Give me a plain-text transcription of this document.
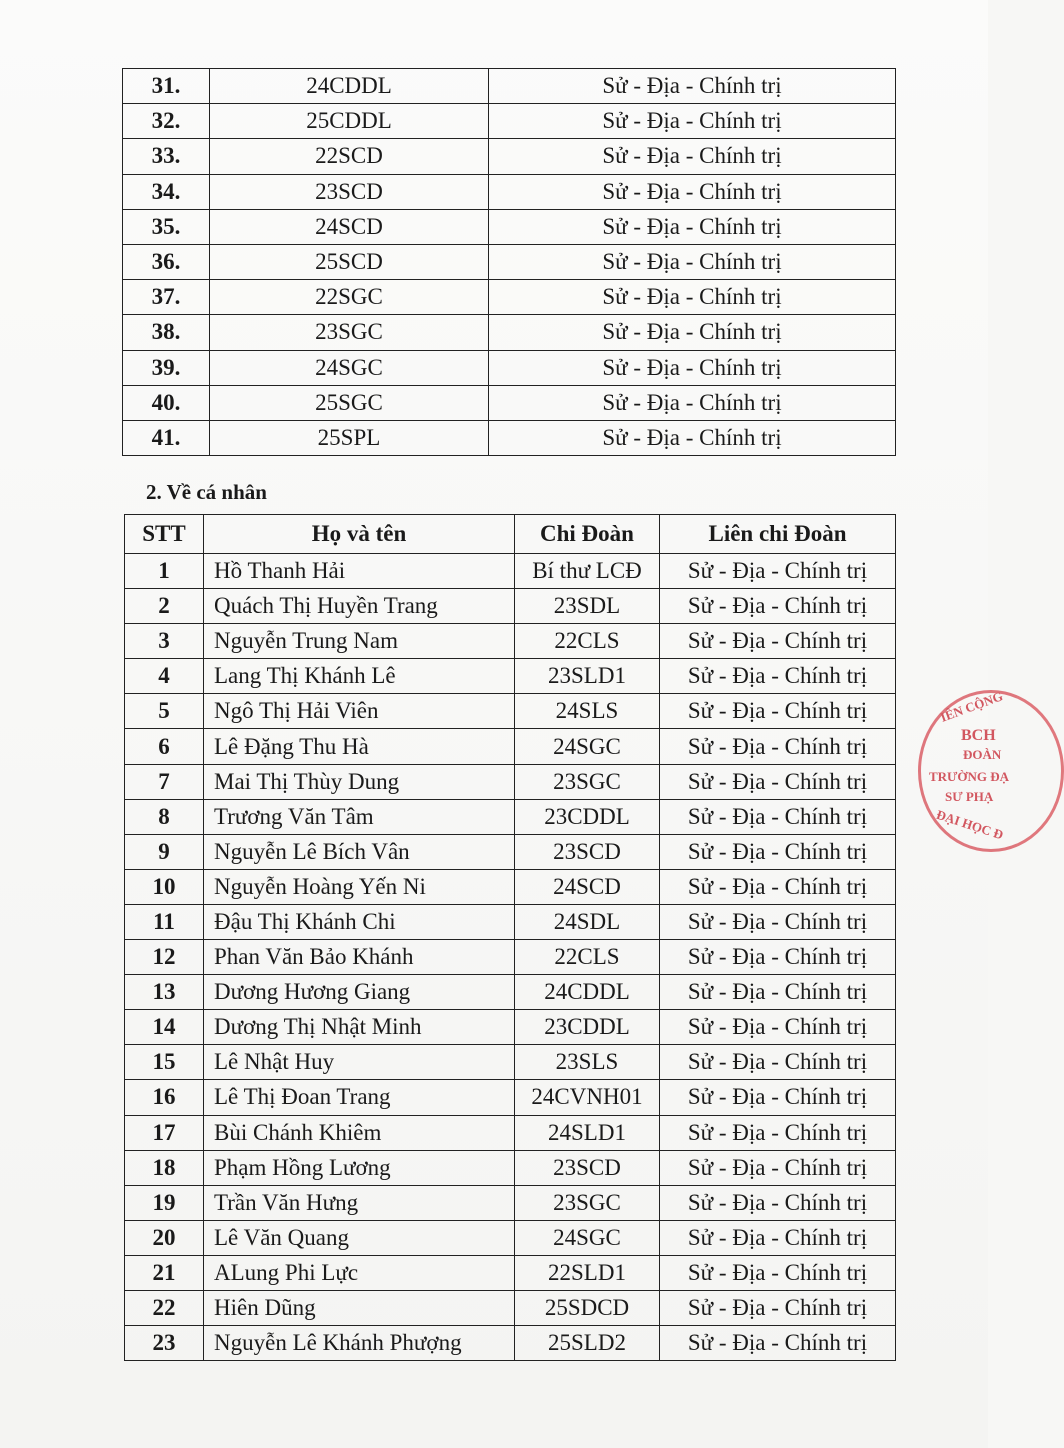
31.	24CDDL	Sử - Địa - Chính trị
32.	25CDDL	Sử - Địa - Chính trị
33.	22SCD	Sử - Địa - Chính trị
34.	23SCD	Sử - Địa - Chính trị
35.	24SCD	Sử - Địa - Chính trị
36.	25SCD	Sử - Địa - Chính trị
37.	22SGC	Sử - Địa - Chính trị
38.	23SGC	Sử - Địa - Chính trị
39.	24SGC	Sử - Địa - Chính trị
40.	25SGC	Sử - Địa - Chính trị
41.	25SPL	Sử - Địa - Chính trị
2. Về cá nhân
STT	Họ và tên	Chi Đoàn	Liên chi Đoàn
1	Hồ Thanh Hải	Bí thư LCĐ	Sử - Địa - Chính trị
2	Quách Thị Huyền Trang	23SDL	Sử - Địa - Chính trị
3	Nguyễn Trung Nam	22CLS	Sử - Địa - Chính trị
4	Lang Thị Khánh Lê	23SLD1	Sử - Địa - Chính trị
5	Ngô Thị Hải Viên	24SLS	Sử - Địa - Chính trị
6	Lê Đặng Thu Hà	24SGC	Sử - Địa - Chính trị
7	Mai Thị Thùy Dung	23SGC	Sử - Địa - Chính trị
8	Trương Văn Tâm	23CDDL	Sử - Địa - Chính trị
9	Nguyễn Lê Bích Vân	23SCD	Sử - Địa - Chính trị
10	Nguyễn Hoàng Yến Ni	24SCD	Sử - Địa - Chính trị
11	Đậu Thị Khánh Chi	24SDL	Sử - Địa - Chính trị
12	Phan Văn Bảo Khánh	22CLS	Sử - Địa - Chính trị
13	Dương Hương Giang	24CDDL	Sử - Địa - Chính trị
14	Dương Thị Nhật Minh	23CDDL	Sử - Địa - Chính trị
15	Lê Nhật Huy	23SLS	Sử - Địa - Chính trị
16	Lê Thị Đoan Trang	24CVNH01	Sử - Địa - Chính trị
17	Bùi Chánh Khiêm	24SLD1	Sử - Địa - Chính trị
18	Phạm Hồng Lương	23SCD	Sử - Địa - Chính trị
19	Trần Văn Hưng	23SGC	Sử - Địa - Chính trị
20	Lê Văn Quang	24SGC	Sử - Địa - Chính trị
21	ALung Phi Lực	22SLD1	Sử - Địa - Chính trị
22	Hiên Dũng	25SDCD	Sử - Địa - Chính trị
23	Nguyễn Lê Khánh Phượng	25SLD2	Sử - Địa - Chính trị
IÊN CỘNG
BCH
ĐOÀN
TRƯỜNG ĐẠ
SƯ PHẠ
ĐẠI HỌC Đ
